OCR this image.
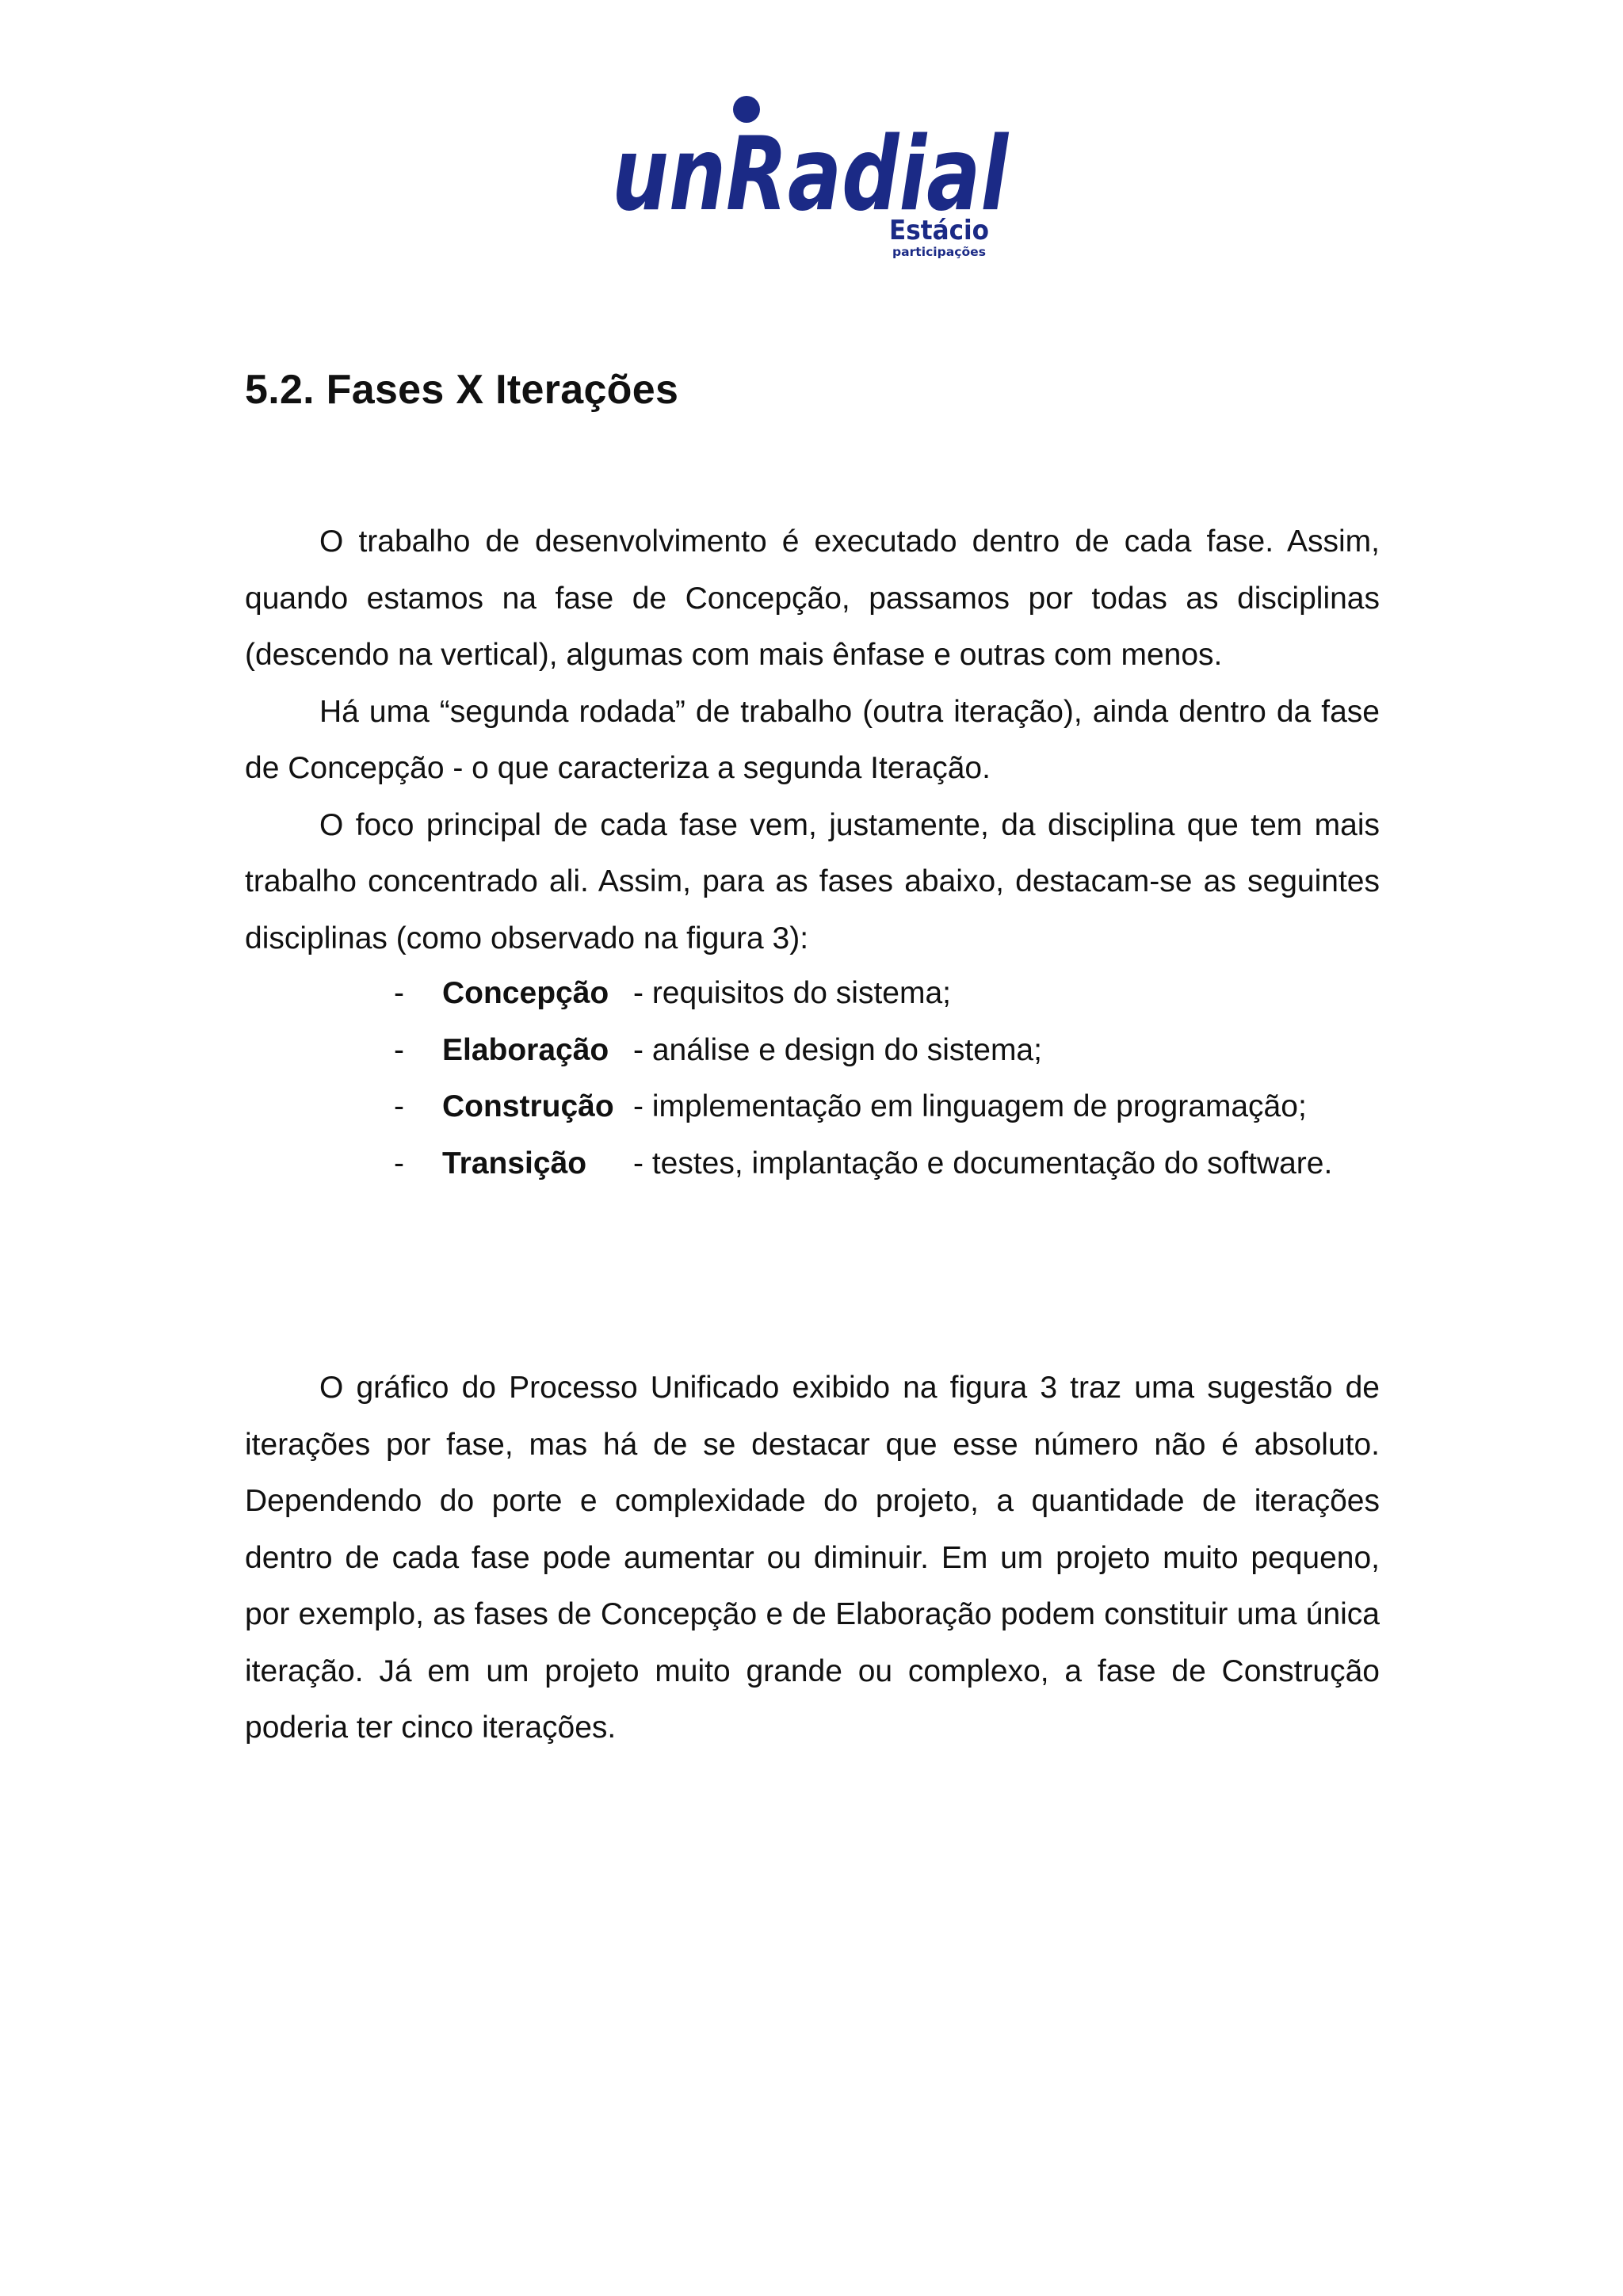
unRadial
Estácio
participações
5.2. Fases X Iterações

O trabalho de desenvolvimento é executado dentro de cada fase. Assim, quando estamos na fase de Concepção, passamos por todas as disciplinas (descendo na vertical), algumas com mais ênfase e outras com menos.

Há uma “segunda rodada” de trabalho (outra iteração), ainda dentro da fase de Concepção - o que caracteriza a segunda Iteração.

O foco principal de cada fase vem, justamente, da disciplina que tem mais trabalho concentrado ali. Assim, para as fases abaixo, destacam-se as seguintes disciplinas (como observado na figura 3):

- Concepção - requisitos do sistema;
- Elaboração - análise e design do sistema;
- Construção - implementação em linguagem de programação;
- Transição - testes, implantação e documentação do software.

O gráfico do Processo Unificado exibido na figura 3 traz uma sugestão de iterações por fase, mas há de se destacar que esse número não é absoluto. Dependendo do porte e complexidade do projeto, a quantidade de iterações dentro de cada fase pode aumentar ou diminuir. Em um projeto muito pequeno, por exemplo, as fases de Concepção e de Elaboração podem constituir uma única iteração. Já em um projeto muito grande ou complexo, a fase de Construção poderia ter cinco iterações.
